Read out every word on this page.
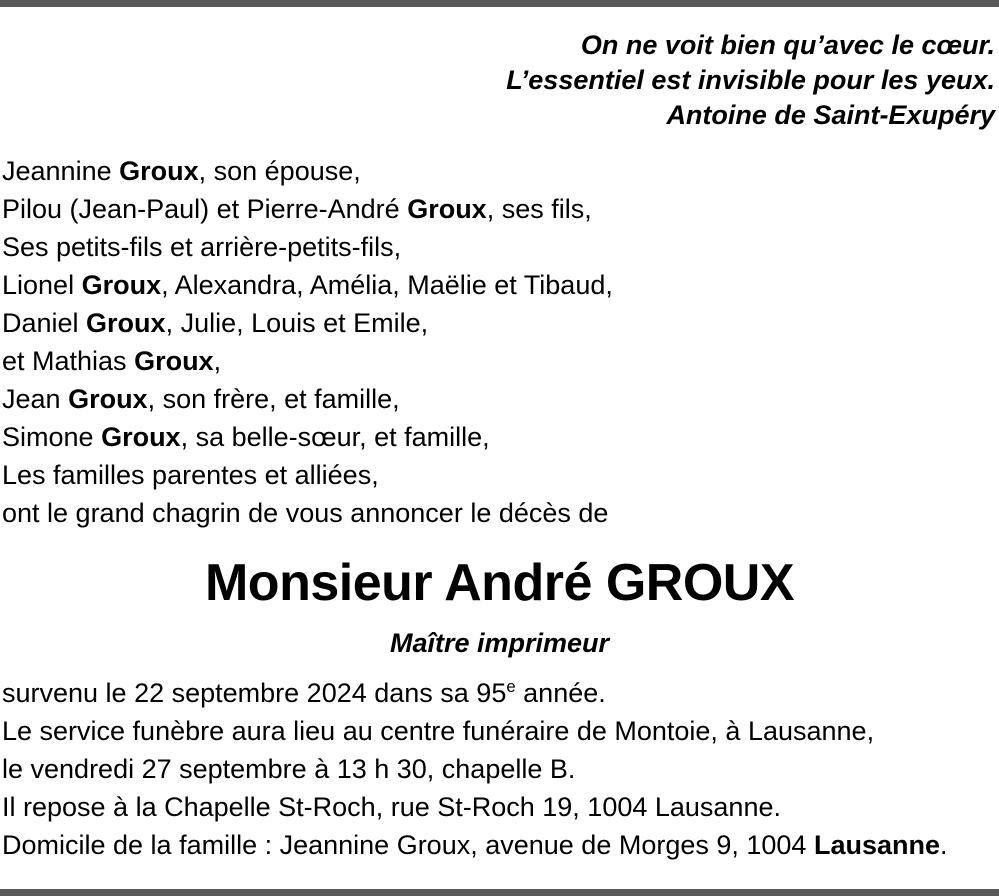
On ne voit bien qu’avec le cœur.
L’essentiel est invisible pour les yeux.
Antoine de Saint-Exupéry
Jeannine Groux, son épouse,
Pilou (Jean-Paul) et Pierre-André Groux, ses fils,
Ses petits-fils et arrière-petits-fils,
Lionel Groux, Alexandra, Amélia, Maëlie et Tibaud,
Daniel Groux, Julie, Louis et Emile,
et Mathias Groux,
Jean Groux, son frère, et famille,
Simone Groux, sa belle-sœur, et famille,
Les familles parentes et alliées,
ont le grand chagrin de vous annoncer le décès de
Monsieur André GROUX
Maître imprimeur
survenu le 22 septembre 2024 dans sa 95e année.
Le service funèbre aura lieu au centre funéraire de Montoie, à Lausanne,
le vendredi 27 septembre à 13 h 30, chapelle B.
Il repose à la Chapelle St-Roch, rue St-Roch 19, 1004 Lausanne.
Domicile de la famille : Jeannine Groux, avenue de Morges 9, 1004 Lausanne.
